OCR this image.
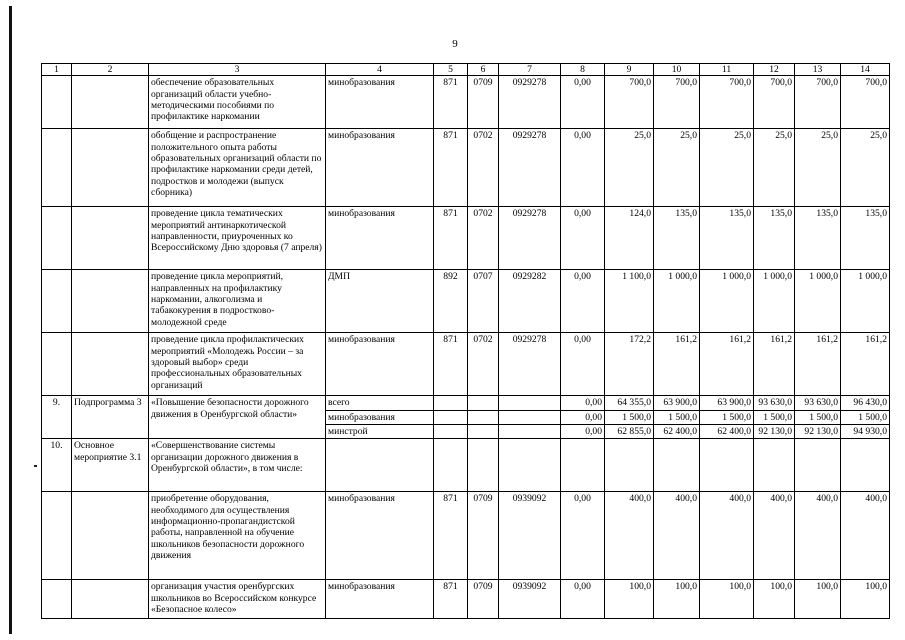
9
1	2	3	4	5	6	7	8	9	10	11	12	13	14
		обеспечение образовательных организаций области учебно-методическими пособиями по профилактике наркомании	минобразования	871	0709	0929278	0,00	700,0	700,0	700,0	700,0	700,0	700,0
		обобщение и распространение положительного опыта работы образовательных организаций области по профилактике наркомании среди детей, подростков и молодежи (выпуск сборника)	минобразования	871	0702	0929278	0,00	25,0	25,0	25,0	25,0	25,0	25,0
		проведение цикла тематических мероприятий антинаркотической направленности, приуроченных ко Всероссийскому Дню здоровья (7 апреля)	минобразования	871	0702	0929278	0,00	124,0	135,0	135,0	135,0	135,0	135,0
		проведение цикла мероприятий, направленных на профилактику наркомании, алкоголизма и табакокурения в подростково-молодежной среде	ДМП	892	0707	0929282	0,00	1 100,0	1 000,0	1 000,0	1 000,0	1 000,0	1 000,0
		проведение цикла профилактических мероприятий «Молодежь России – за здоровый выбор» среди профессиональных образовательных организаций	минобразования	871	0702	0929278	0,00	172,2	161,2	161,2	161,2	161,2	161,2
9.	Подпрограмма 3	«Повышение безопасности дорожного движения в Оренбургской области»	всего				0,00	64 355,0	63 900,0	63 900,0	93 630,0	93 630,0	96 430,0
			минобразования				0,00	1 500,0	1 500,0	1 500,0	1 500,0	1 500,0	1 500,0
			минстрой				0,00	62 855,0	62 400,0	62 400,0	92 130,0	92 130,0	94 930,0
10.	Основное мероприятие 3.1	«Совершенствование системы организации дорожного движения в Оренбургской области», в том числе:											
		приобретение оборудования, необходимого для осуществления информационно-пропагандистской работы, направленной на обучение школьников безопасности дорожного движения	минобразования	871	0709	0939092	0,00	400,0	400,0	400,0	400,0	400,0	400,0
		организация участия оренбургских школьников во Всероссийском конкурсе «Безопасное колесо»	минобразования	871	0709	0939092	0,00	100,0	100,0	100,0	100,0	100,0	100,0
